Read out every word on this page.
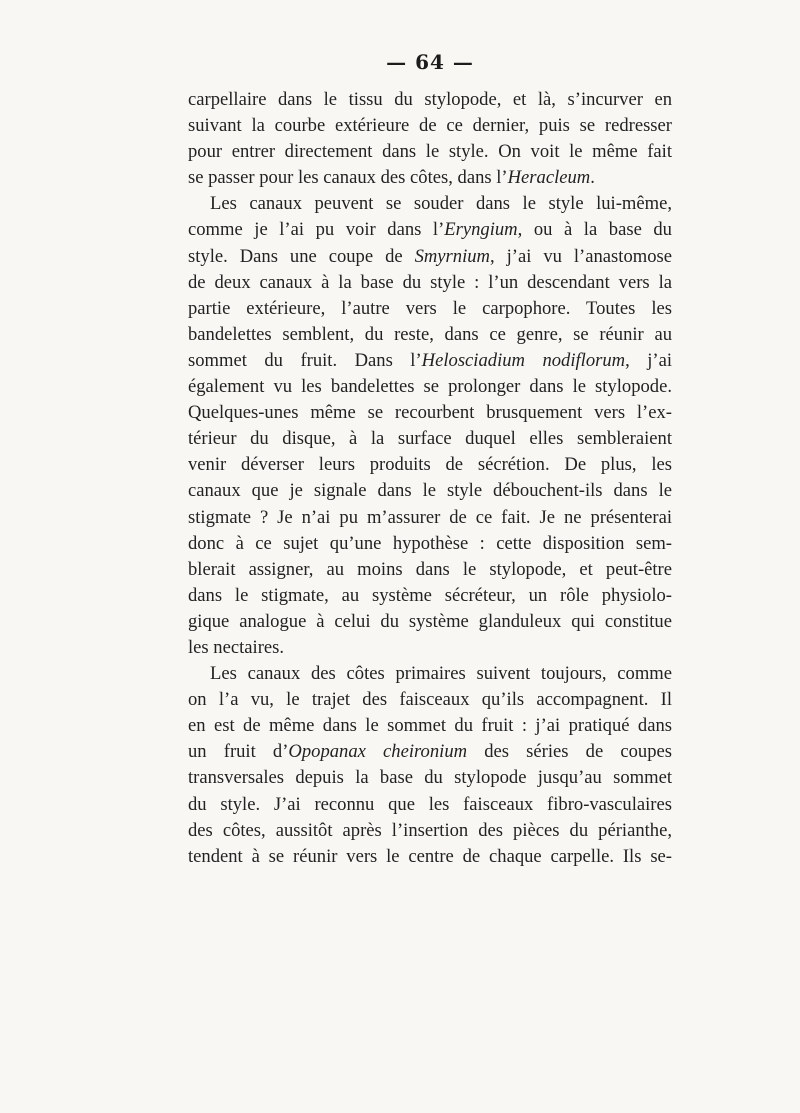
— 64 —
carpellaire dans le tissu du stylopode, et là, s’incurver en
suivant la courbe extérieure de ce dernier, puis se redresser
pour entrer directement dans le style. On voit le même fait
se passer pour les canaux des côtes, dans l’Heracleum.
Les canaux peuvent se souder dans le style lui-même,
comme je l’ai pu voir dans l’Eryngium, ou à la base du
style. Dans une coupe de Smyrnium, j’ai vu l’anastomose
de deux canaux à la base du style : l’un descendant vers la
partie extérieure, l’autre vers le carpophore. Toutes les
bandelettes semblent, du reste, dans ce genre, se réunir au
sommet du fruit. Dans l’Helosciadium nodiflorum, j’ai
également vu les bandelettes se prolonger dans le stylopode.
Quelques-unes même se recourbent brusquement vers l’ex-
térieur du disque, à la surface duquel elles sembleraient
venir déverser leurs produits de sécrétion. De plus, les
canaux que je signale dans le style débouchent-ils dans le
stigmate ? Je n’ai pu m’assurer de ce fait. Je ne présenterai
donc à ce sujet qu’une hypothèse : cette disposition sem-
blerait assigner, au moins dans le stylopode, et peut-être
dans le stigmate, au système sécréteur, un rôle physiolo-
gique analogue à celui du système glanduleux qui constitue
les nectaires.
Les canaux des côtes primaires suivent toujours, comme
on l’a vu, le trajet des faisceaux qu’ils accompagnent. Il
en est de même dans le sommet du fruit : j’ai pratiqué dans
un fruit d’Opopanax cheironium des séries de coupes
transversales depuis la base du stylopode jusqu’au sommet
du style. J’ai reconnu que les faisceaux fibro-vasculaires
des côtes, aussitôt après l’insertion des pièces du périanthe,
tendent à se réunir vers le centre de chaque carpelle. Ils se-
